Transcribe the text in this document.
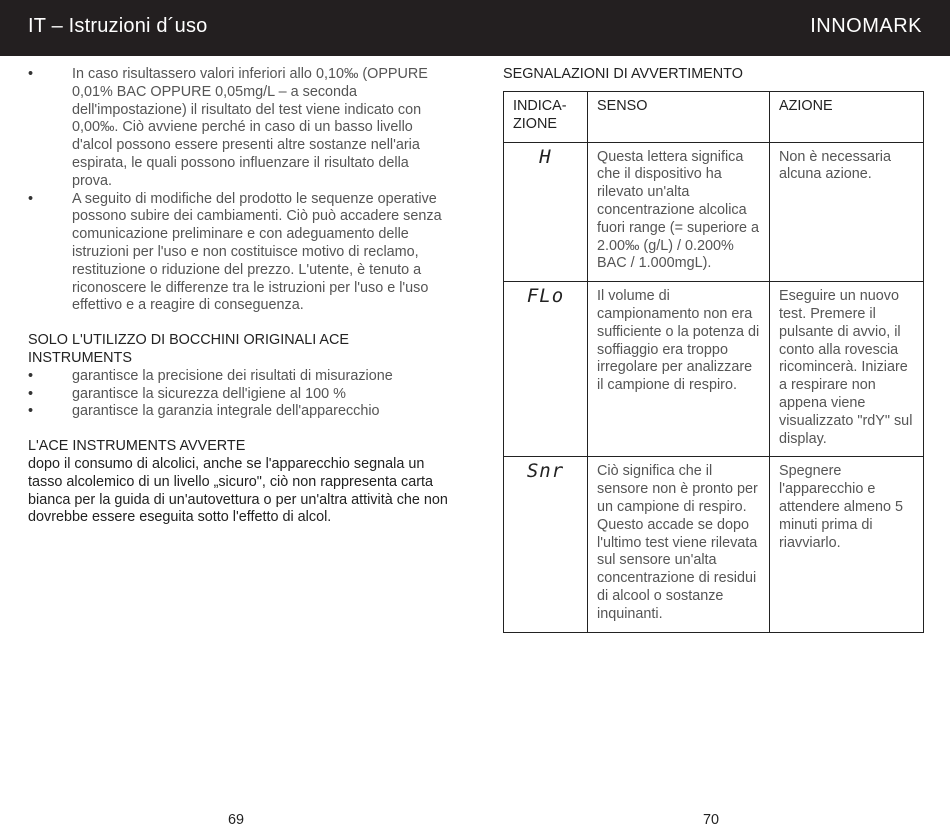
IT – Istruzioni d´uso	INNOMARK
•	In caso risultassero valori inferiori allo 0,10‰ (OPPURE 0,01% BAC OPPURE 0,05mg/L – a seconda dell'impostazione) il risultato del test viene indicato con 0,00‰. Ciò avviene perché in caso di un basso livello d'alcol possono essere presenti altre sostanze nell'aria espirata, le quali possono influenzare il risultato della prova.
•	A seguito di modifiche del prodotto le sequenze operative possono subire dei cambiamenti. Ciò può accadere senza comunicazione preliminare e con adeguamento delle istruzioni per l'uso e non costituisce motivo di reclamo, restituzione o riduzione del prezzo. L'utente, è tenuto a riconoscere le differenze tra le istruzioni per l'uso e l'uso effettivo e a reagire di conseguenza.
SOLO L'UTILIZZO DI BOCCHINI ORIGINALI ACE INSTRUMENTS
•	garantisce la precisione dei risultati di misurazione
•	garantisce la sicurezza dell'igiene al 100 %
•	garantisce la garanzia integrale dell'apparecchio
L'ACE INSTRUMENTS AVVERTE
dopo il consumo di alcolici, anche se l'apparecchio segnala un tasso alcolemico di un livello „sicuro", ciò non rappresenta carta bianca per la guida di un'autovettura o per un'altra attività che non dovrebbe essere eseguita sotto l'effetto di alcol.
SEGNALAZIONI DI AVVERTIMENTO
INDICA-
ZIONE	SENSO	AZIONE
H	Questa lettera significa che il dispositivo ha rilevato un'alta concentrazione alcolica fuori range (= superiore a 2.00‰ (g/L) / 0.200% BAC / 1.000mgL).	Non è necessaria alcuna azione.
FLo	Il volume di campionamento non era sufficiente o la potenza di soffiaggio era troppo irregolare per analizzare il campione di respiro.	Eseguire un nuovo test. Premere il pulsante di avvio, il conto alla rovescia ricomincerà. Iniziare a respirare non appena viene visualizzato "rdY" sul display.
Snr	Ciò significa che il sensore non è pronto per un campione di respiro. Questo accade se dopo l'ultimo test viene rilevata sul sensore un'alta concentrazione di residui di alcool o sostanze inquinanti.	Spegnere l'apparecchio e attendere almeno 5 minuti prima di riavviarlo.
69	70
